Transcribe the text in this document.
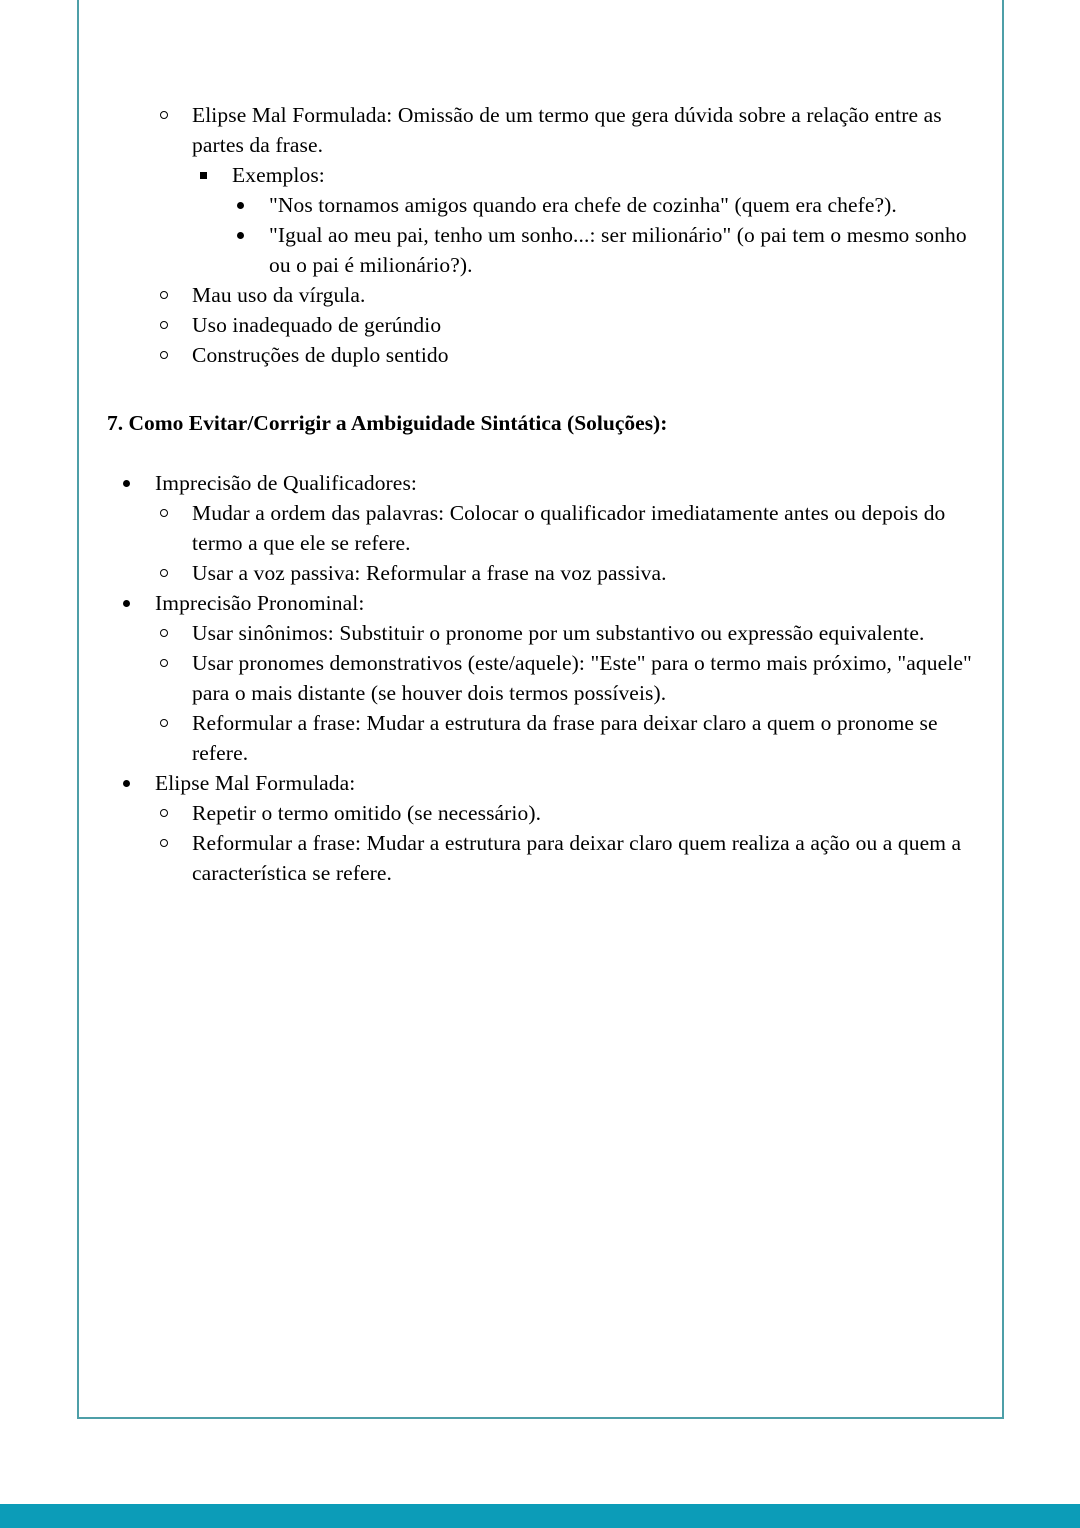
Elipse Mal Formulada: Omissão de um termo que gera dúvida sobre a relação entre as partes da frase.
Exemplos:
"Nos tornamos amigos quando era chefe de cozinha" (quem era chefe?).
"Igual ao meu pai, tenho um sonho...: ser milionário" (o pai tem o mesmo sonho ou o pai é milionário?).
Mau uso da vírgula.
Uso inadequado de gerúndio
Construções de duplo sentido
7. Como Evitar/Corrigir a Ambiguidade Sintática (Soluções):
Imprecisão de Qualificadores:
Mudar a ordem das palavras: Colocar o qualificador imediatamente antes ou depois do termo a que ele se refere.
Usar a voz passiva: Reformular a frase na voz passiva.
Imprecisão Pronominal:
Usar sinônimos: Substituir o pronome por um substantivo ou expressão equivalente.
Usar pronomes demonstrativos (este/aquele): "Este" para o termo mais próximo, "aquele" para o mais distante (se houver dois termos possíveis).
Reformular a frase: Mudar a estrutura da frase para deixar claro a quem o pronome se refere.
Elipse Mal Formulada:
Repetir o termo omitido (se necessário).
Reformular a frase: Mudar a estrutura para deixar claro quem realiza a ação ou a quem a característica se refere.
